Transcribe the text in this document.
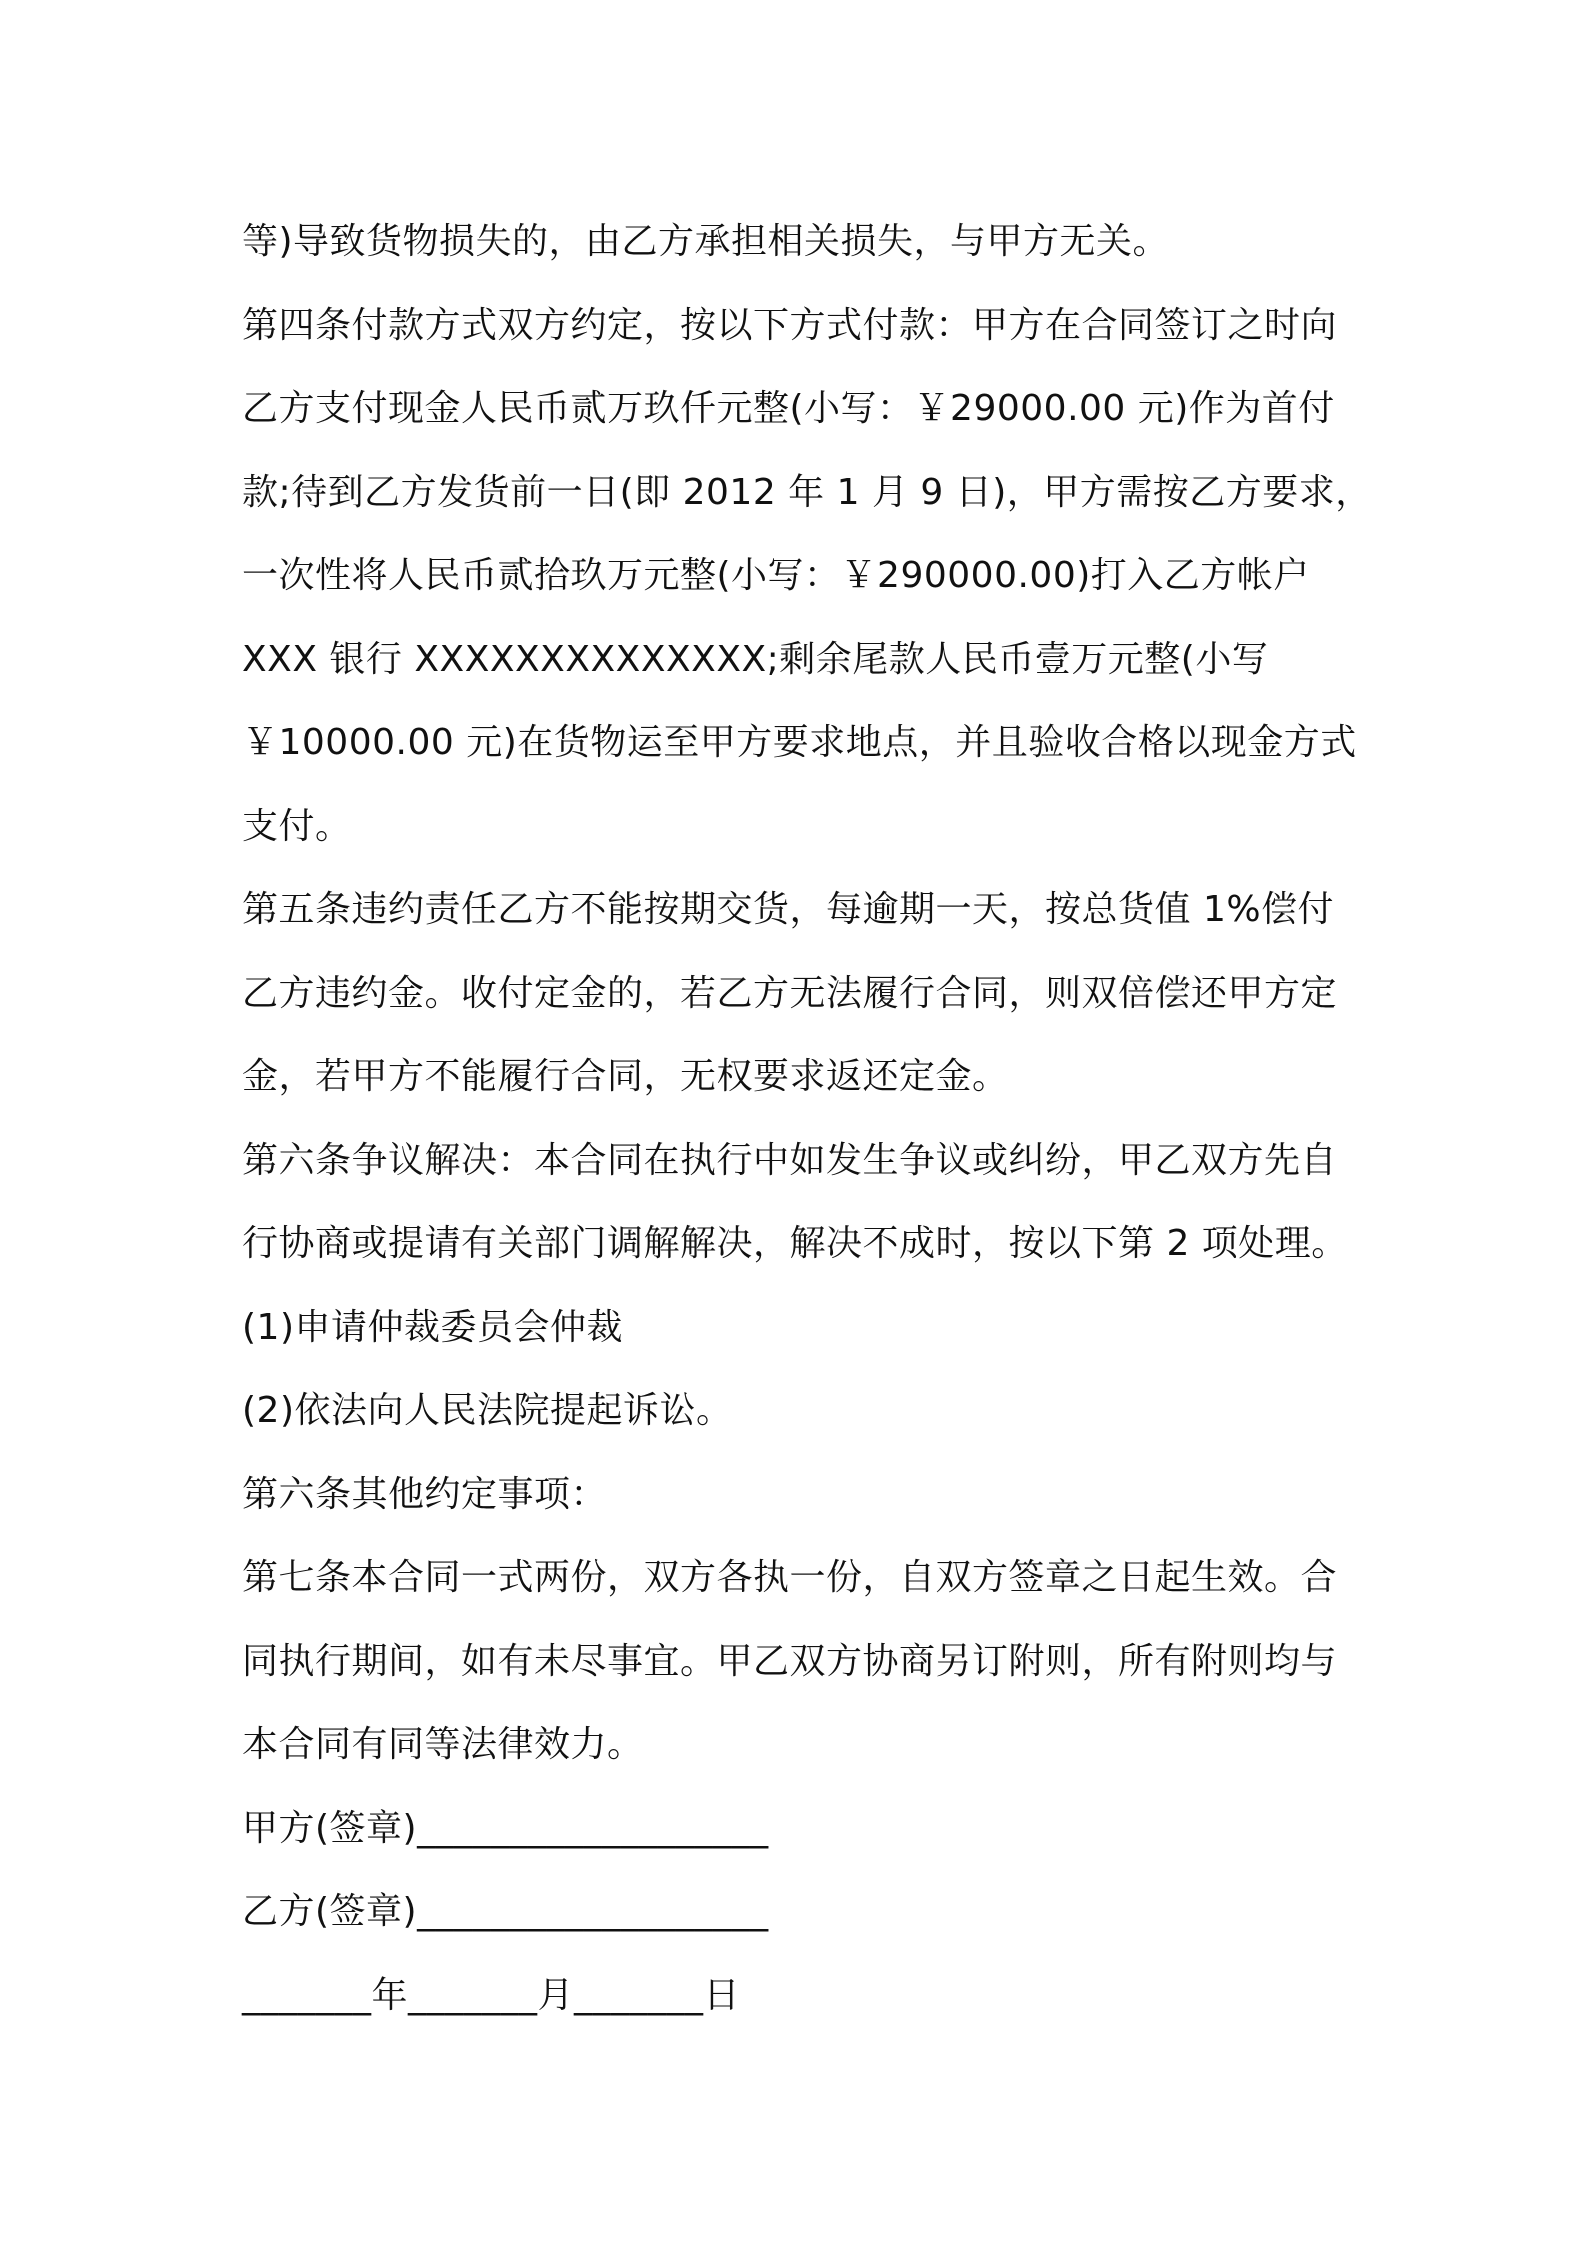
等)导致货物损失的，由乙方承担相关损失，与甲方无关。
第四条付款方式双方约定，按以下方式付款：甲方在合同签订之时向
乙方支付现金人民币贰万玖仟元整(小写：￥29000.00 元)作为首付
款;待到乙方发货前一日(即 2012 年 1 月 9 日)，甲方需按乙方要求，
一次性将人民币贰拾玖万元整(小写：￥290000.00)打入乙方帐户
XXX 银行 XXXXXXXXXXXXXX;剩余尾款人民币壹万元整(小写
￥10000.00 元)在货物运至甲方要求地点，并且验收合格以现金方式
支付。
第五条违约责任乙方不能按期交货，每逾期一天，按总货值 1%偿付
乙方违约金。收付定金的，若乙方无法履行合同，则双倍偿还甲方定
金，若甲方不能履行合同，无权要求返还定金。
第六条争议解决：本合同在执行中如发生争议或纠纷，甲乙双方先自
行协商或提请有关部门调解解决，解决不成时，按以下第 2 项处理。
(1)申请仲裁委员会仲裁
(2)依法向人民法院提起诉讼。
第六条其他约定事项：
第七条本合同一式两份，双方各执一份，自双方签章之日起生效。合
同执行期间，如有未尽事宜。甲乙双方协商另订附则，所有附则均与
本合同有同等法律效力。
甲方(签章)___________________
乙方(签章)___________________
_______年_______月_______日
